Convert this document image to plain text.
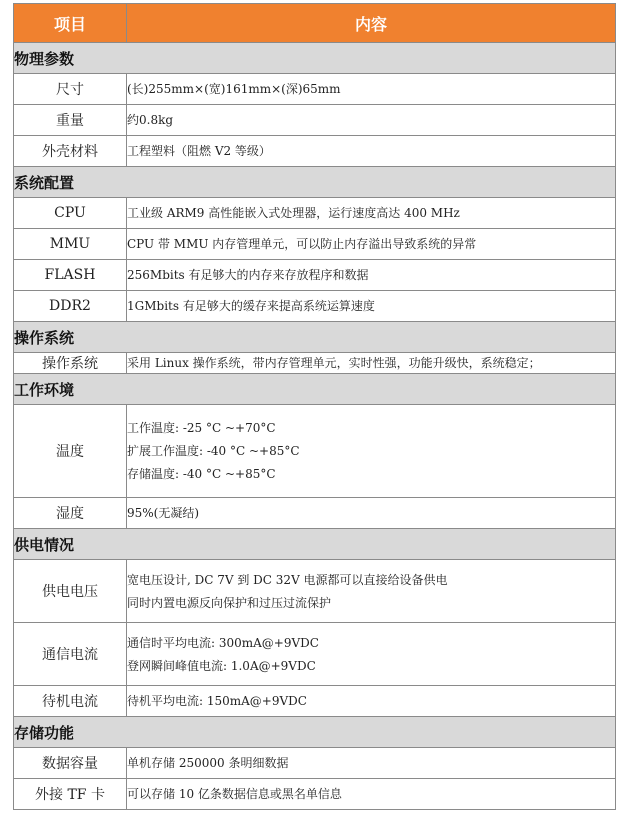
项目	内容
物理参数	
尺寸	(长)255mm×(宽)161mm×(深)65mm

重量	约0.8kg

外壳材料	工程塑料（阻燃 V2 等级）

系统配置	
CPU	工业级 ARM9 高性能嵌入式处理器，运行速度高达 400 MHz

MMU	CPU 带 MMU 内存管理单元，可以防止内存溢出导致系统的异常

FLASH	256Mbits 有足够大的内存来存放程序和数据

DDR2	1GMbits 有足够大的缓存来提高系统运算速度

操作系统	
操作系统	采用 Linux 操作系统，带内存管理单元，实时性强，功能升级快，系统稳定；

工作环境	
温度	工作温度: -25 °C ~+70°C
扩展工作温度: -40 °C ~+85°C
存储温度: -40 °C ~+85°C

湿度	95%(无凝结)

供电情况	
供电电压	宽电压设计, DC 7V 到 DC 32V 电源都可以直接给设备供电
同时内置电源反向保护和过压过流保护

通信电流	通信时平均电流: 300mA@+9VDC
登网瞬间峰值电流: 1.0A@+9VDC

待机电流	待机平均电流: 150mA@+9VDC

存储功能	
数据容量	单机存储 250000 条明细数据

外接 TF 卡	可以存储 10 亿条数据信息或黑名单信息
